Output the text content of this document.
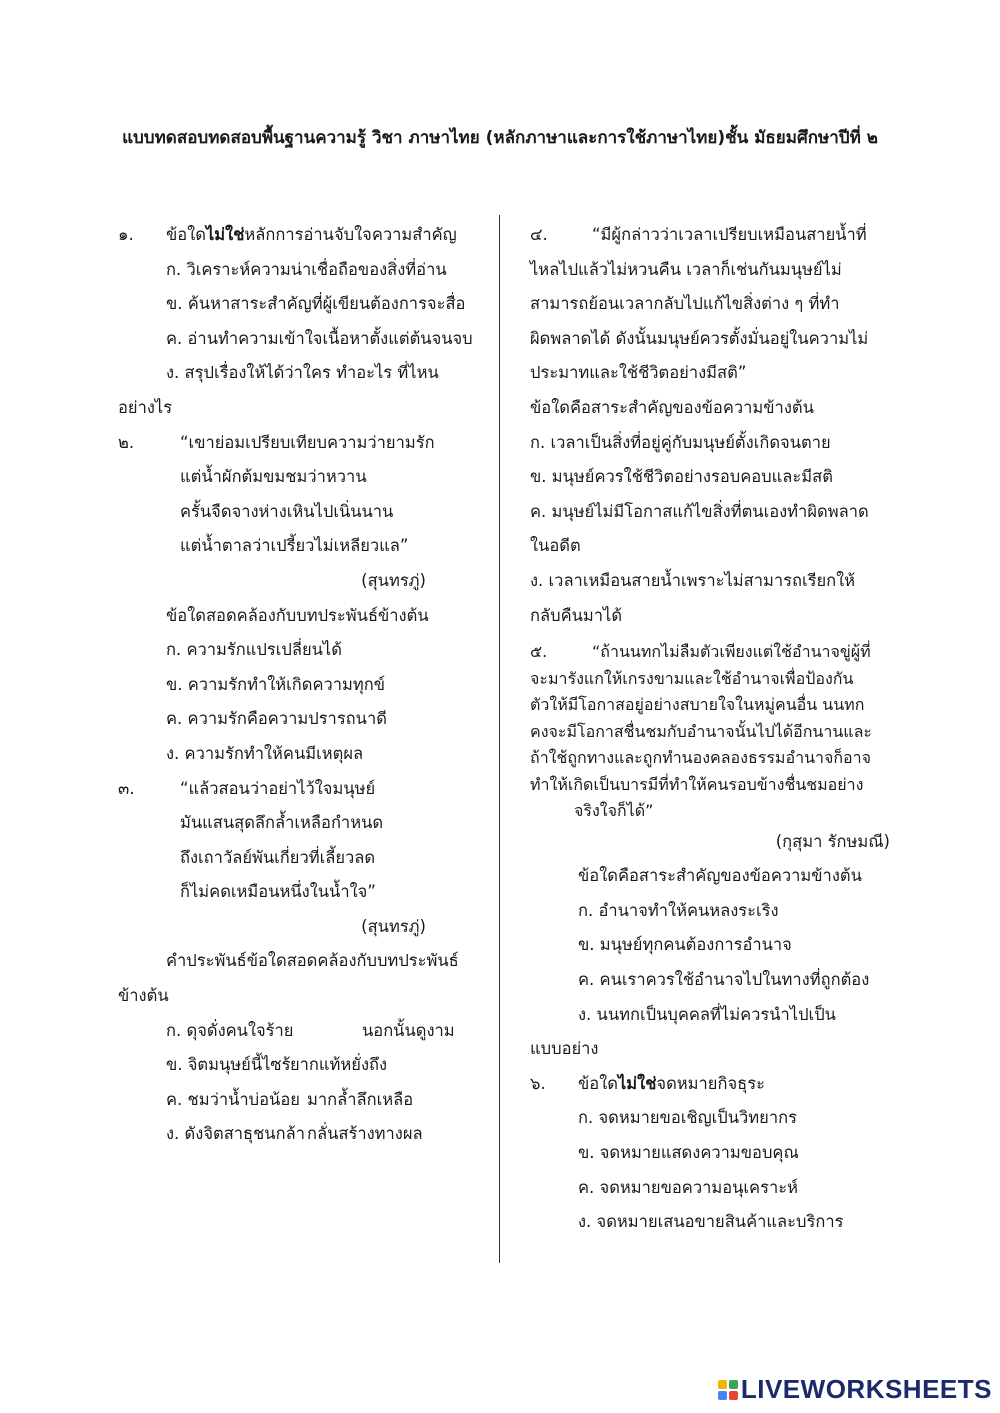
แบบทดสอบทดสอบพื้นฐานความรู้ วิชา ภาษาไทย (หลักภาษาและการใช้ภาษาไทย)ชั้น มัธยมศึกษาปีที่ ๒
๑. ข้อใดไม่ใช่หลักการอ่านจับใจความสำคัญ
ก. วิเคราะห์ความน่าเชื่อถือของสิ่งที่อ่าน
ข. ค้นหาสาระสำคัญที่ผู้เขียนต้องการจะสื่อ
ค. อ่านทำความเข้าใจเนื้อหาตั้งแต่ต้นจนจบ
ง. สรุปเรื่องให้ได้ว่าใคร ทำอะไร ที่ไหน
อย่างไร
๒.	“เขาย่อมเปรียบเทียบความว่ายามรัก
แต่น้ำผักต้มขมชมว่าหวาน
ครั้นจืดจางห่างเหินไปเนิ่นนาน
แต่น้ำตาลว่าเปรี้ยวไม่เหลียวแล”
(สุนทรภู่)
ข้อใดสอดคล้องกับบทประพันธ์ข้างต้น
ก. ความรักแปรเปลี่ยนได้
ข. ความรักทำให้เกิดความทุกข์
ค. ความรักคือความปรารถนาดี
ง. ความรักทำให้คนมีเหตุผล
๓.	“แล้วสอนว่าอย่าไว้ใจมนุษย์
มันแสนสุดลึกล้ำเหลือกำหนด
ถึงเถาวัลย์พันเกี่ยวที่เลี้ยวลด
ก็ไม่คดเหมือนหนึ่งในน้ำใจ”
(สุนทรภู่)
คำประพันธ์ข้อใดสอดคล้องกับบทประพันธ์
ข้างต้น
ก. ดุจดั่งคนใจร้าย	นอกนั้นดูงาม
ข. จิตมนุษย์นี้ไซร้ยากแท้หยั่งถึง
ค. ชมว่าน้ำบ่อน้อย มากล้ำลึกเหลือ
ง. ดังจิตสาธุชนกล้า กลั่นสร้างทางผล
๔.	“มีผู้กล่าวว่าเวลาเปรียบเหมือนสายน้ำที่
ไหลไปแล้วไม่หวนคืน เวลาก็เช่นกันมนุษย์ไม่
สามารถย้อนเวลากลับไปแก้ไขสิ่งต่าง ๆ ที่ทำ
ผิดพลาดได้ ดังนั้นมนุษย์ควรตั้งมั่นอยู่ในความไม่
ประมาทและใช้ชีวิตอย่างมีสติ”
ข้อใดคือสาระสำคัญของข้อความข้างต้น
ก. เวลาเป็นสิ่งที่อยู่คู่กับมนุษย์ตั้งเกิดจนตาย
ข. มนุษย์ควรใช้ชีวิตอย่างรอบคอบและมีสติ
ค. มนุษย์ไม่มีโอกาสแก้ไขสิ่งที่ตนเองทำผิดพลาด
ในอดีต
ง. เวลาเหมือนสายน้ำเพราะไม่สามารถเรียกให้
กลับคืนมาได้
๕.	“ถ้านนทกไม่ลืมตัวเพียงแต่ใช้อำนาจขู่ผู้ที่
จะมารังแกให้เกรงขามและใช้อำนาจเพื่อป้องกัน
ตัวให้มีโอกาสอยู่อย่างสบายใจในหมู่คนอื่น นนทก
คงจะมีโอกาสชื่นชมกับอำนาจนั้นไปได้อีกนานและ
ถ้าใช้ถูกทางและถูกทำนองคลองธรรมอำนาจก็อาจ
ทำให้เกิดเป็นบารมีที่ทำให้คนรอบข้างชื่นชมอย่าง
จริงใจก็ได้”
(กุสุมา รักษมณี)
ข้อใดคือสาระสำคัญของข้อความข้างต้น
ก. อำนาจทำให้คนหลงระเริง
ข. มนุษย์ทุกคนต้องการอำนาจ
ค. คนเราควรใช้อำนาจไปในทางที่ถูกต้อง
ง. นนทกเป็นบุคคลที่ไม่ควรนำไปเป็น
แบบอย่าง
๖. ข้อใดไม่ใช่จดหมายกิจธุระ
ก. จดหมายขอเชิญเป็นวิทยากร
ข. จดหมายแสดงความขอบคุณ
ค. จดหมายขอความอนุเคราะห์
ง. จดหมายเสนอขายสินค้าและบริการ
LIVEWORKSHEETS
